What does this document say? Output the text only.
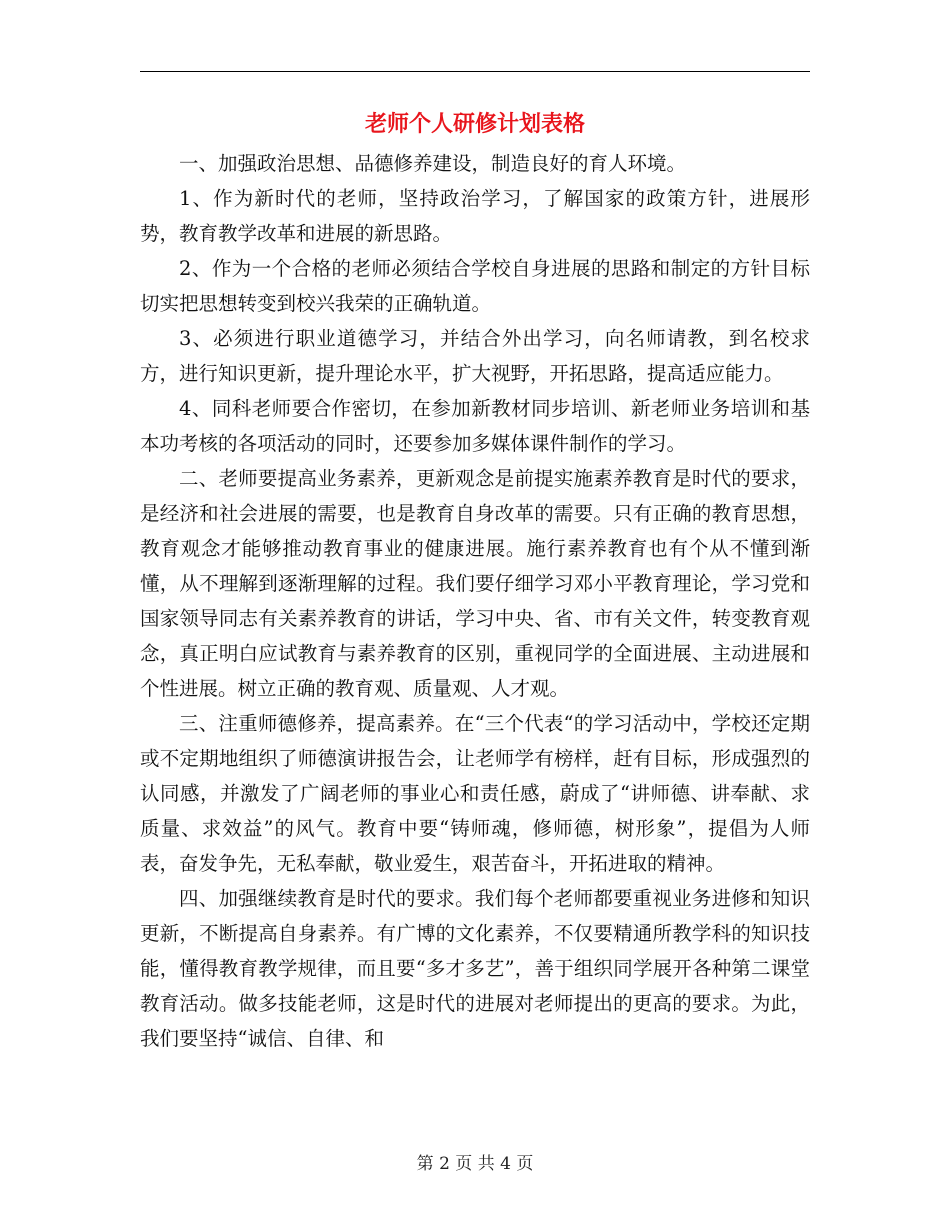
老师个人研修计划表格

一、加强政治思想、品德修养建设，制造良好的育人环境。

1、作为新时代的老师，坚持政治学习，了解国家的政策方针，进展形势，教育教学改革和进展的新思路。

2、作为一个合格的老师必须结合学校自身进展的思路和制定的方针目标切实把思想转变到校兴我荣的正确轨道。

3、必须进行职业道德学习，并结合外出学习，向名师请教，到名校求方，进行知识更新，提升理论水平，扩大视野，开拓思路，提高适应能力。

4、同科老师要合作密切，在参加新教材同步培训、新老师业务培训和基本功考核的各项活动的同时，还要参加多媒体课件制作的学习。

二、老师要提高业务素养，更新观念是前提实施素养教育是时代的要求，是经济和社会进展的需要，也是教育自身改革的需要。只有正确的教育思想，教育观念才能够推动教育事业的健康进展。施行素养教育也有个从不懂到渐懂，从不理解到逐渐理解的过程。我们要仔细学习邓小平教育理论，学习党和国家领导同志有关素养教育的讲话，学习中央、省、市有关文件，转变教育观念，真正明白应试教育与素养教育的区别，重视同学的全面进展、主动进展和个性进展。树立正确的教育观、质量观、人才观。

三、注重师德修养，提高素养。在“三个代表“的学习活动中，学校还定期或不定期地组织了师德演讲报告会，让老师学有榜样，赶有目标，形成强烈的认同感，并激发了广阔老师的事业心和责任感，蔚成了“讲师德、讲奉献、求质量、求效益”的风气。教育中要“铸师魂，修师德，树形象”，提倡为人师表，奋发争先，无私奉献，敬业爱生，艰苦奋斗，开拓进取的精神。

四、加强继续教育是时代的要求。我们每个老师都要重视业务进修和知识更新，不断提高自身素养。有广博的文化素养，不仅要精通所教学科的知识技能，懂得教育教学规律，而且要“多才多艺”，善于组织同学展开各种第二课堂教育活动。做多技能老师，这是时代的进展对老师提出的更高的要求。为此，我们要坚持“诚信、自律、和

第 2 页 共 4 页
